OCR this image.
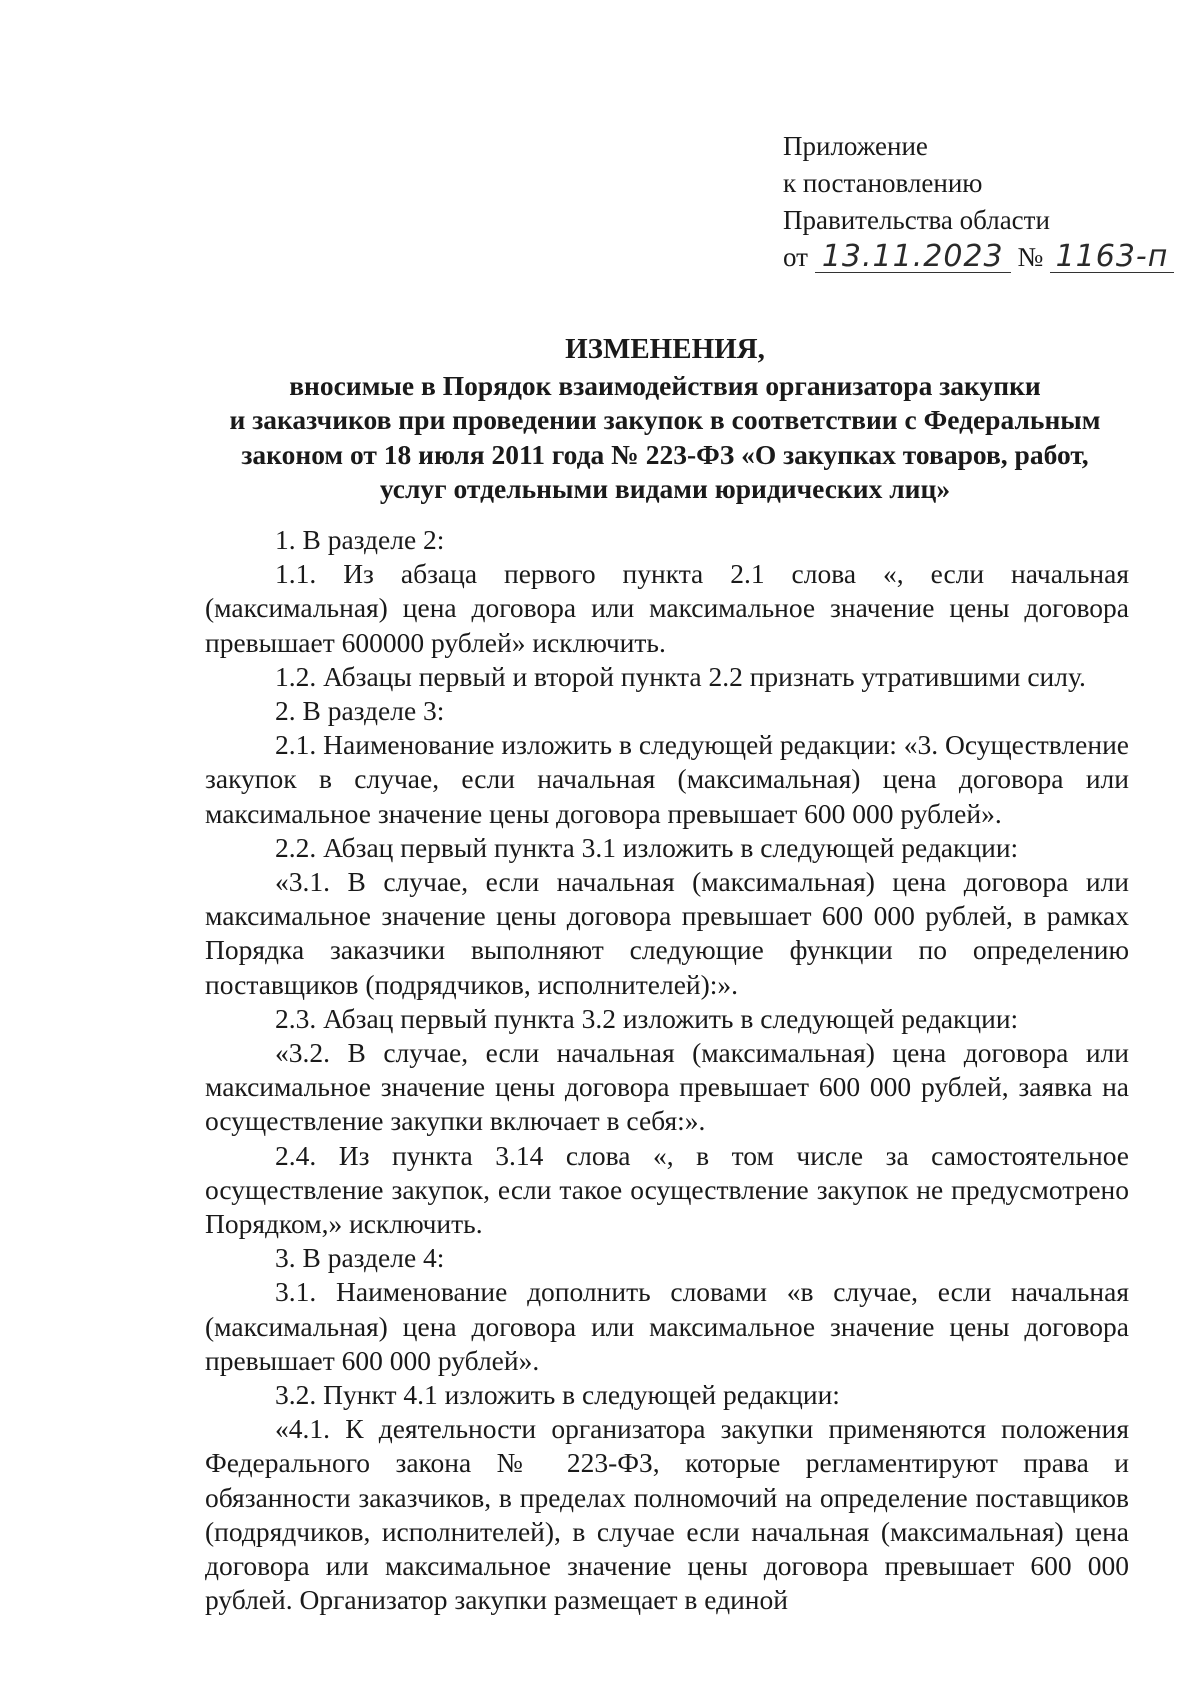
Приложение
к постановлению
Правительства области
от 13.11.2023 № 1163-п
ИЗМЕНЕНИЯ,
вносимые в Порядок взаимодействия организатора закупки
и заказчиков при проведении закупок в соответствии с Федеральным
законом от 18 июля 2011 года № 223-ФЗ «О закупках товаров, работ,
услуг отдельными видами юридических лиц»

1. В разделе 2:

1.1. Из абзаца первого пункта 2.1 слова «, если начальная (максимальная) цена договора или максимальное значение цены договора превышает 600000 рублей» исключить.

1.2. Абзацы первый и второй пункта 2.2 признать утратившими силу.

2. В разделе 3:

2.1. Наименование изложить в следующей редакции: «3. Осуществление закупок в случае, если начальная (максимальная) цена договора или максимальное значение цены договора превышает 600 000 рублей».

2.2. Абзац первый пункта 3.1 изложить в следующей редакции:

«3.1. В случае, если начальная (максимальная) цена договора или максимальное значение цены договора превышает 600 000 рублей, в рамках Порядка заказчики выполняют следующие функции по определению поставщиков (подрядчиков, исполнителей):».

2.3. Абзац первый пункта 3.2 изложить в следующей редакции:

«3.2. В случае, если начальная (максимальная) цена договора или максимальное значение цены договора превышает 600 000 рублей, заявка на осуществление закупки включает в себя:».

2.4. Из пункта 3.14 слова «, в том числе за самостоятельное осуществление закупок, если такое осуществление закупок не предусмотрено Порядком,» исключить.

3. В разделе 4:

3.1. Наименование дополнить словами «в случае, если начальная (максимальная) цена договора или максимальное значение цены договора превышает 600 000 рублей».

3.2. Пункт 4.1 изложить в следующей редакции:

«4.1. К деятельности организатора закупки применяются положения Федерального закона № 223-ФЗ, которые регламентируют права и обязанности заказчиков, в пределах полномочий на определение поставщиков (подрядчиков, исполнителей), в случае если начальная (максимальная) цена договора или максимальное значение цены договора превышает 600 000 рублей. Организатор закупки размещает в единой
